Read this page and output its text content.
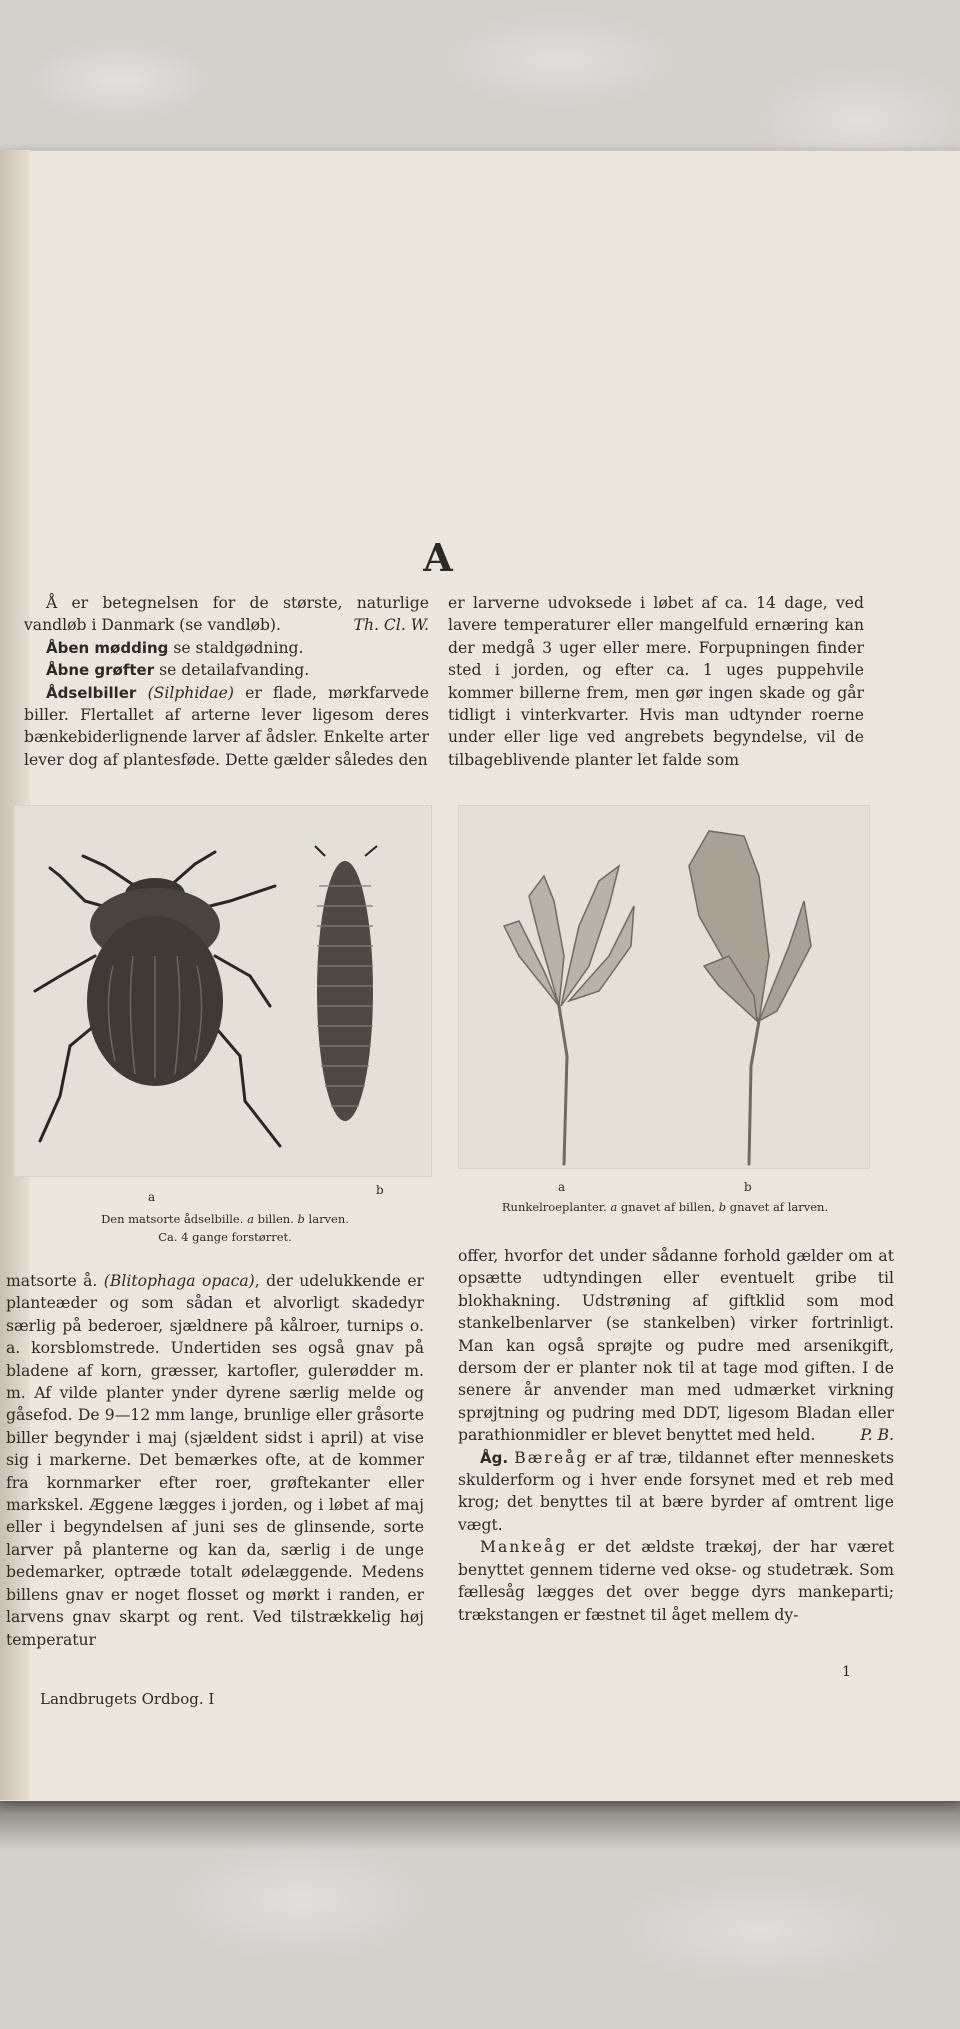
A

Å er betegnelsen for de største, naturlige vandløb i Danmark (se vandløb).	Th. Cl. W.

Åben mødding se staldgødning.

Åbne grøfter se detailafvanding.

Ådselbiller (Silphidae) er flade, mørkfarvede biller. Flertallet af arterne lever ligesom deres bænkebiderlignende larver af ådsler. Enkelte arter lever dog af plantesføde. Dette gælder således den

er larverne udvoksede i løbet af ca. 14 dage, ved lavere temperaturer eller mangelfuld ernæring kan der medgå 3 uger eller mere. Forpupningen finder sted i jorden, og efter ca. 1 uges puppehvile kommer billerne frem, men gør ingen skade og går tidligt i vinterkvarter. Hvis man udtynder roerne under eller lige ved angrebets begyndelse, vil de tilbageblivende planter let falde som

a	b

Den matsorte ådselbille. a billen. b larven.
Ca. 4 gange forstørret.

a	b

Runkelroeplanter. a gnavet af billen, b gnavet af larven.

matsorte å. (Blitophaga opaca), der udelukkende er planteæder og som sådan et alvorligt skadedyr særlig på bederoer, sjældnere på kålroer, turnips o. a. korsblomstrede. Undertiden ses også gnav på bladene af korn, græsser, kartofler, gulerødder m. m. Af vilde planter ynder dyrene særlig melde og gåsefod. De 9—12 mm lange, brunlige eller gråsorte biller begynder i maj (sjældent sidst i april) at vise sig i markerne. Det bemærkes ofte, at de kommer fra kornmarker efter roer, grøftekanter eller markskel. Æggene lægges i jorden, og i løbet af maj eller i begyndelsen af juni ses de glinsende, sorte larver på planterne og kan da, særlig i de unge bedemarker, optræde totalt ødelæggende. Medens billens gnav er noget flosset og mørkt i randen, er larvens gnav skarpt og rent. Ved tilstrækkelig høj temperatur

offer, hvorfor det under sådanne forhold gælder om at opsætte udtyndingen eller eventuelt gribe til blokhakning. Udstrøning af giftklid som mod stankelbenlarver (se stankelben) virker fortrinligt. Man kan også sprøjte og pudre med arsenikgift, dersom der er planter nok til at tage mod giften. I de senere år anvender man med udmærket virkning sprøjtning og pudring med DDT, ligesom Bladan eller parathionmidler er blevet benyttet med held.	P. B.

Åg. Bæreåg er af træ, tildannet efter menneskets skulderform og i hver ende forsynet med et reb med krog; det benyttes til at bære byrder af omtrent lige vægt.

Mankeåg er det ældste trækøj, der har været benyttet gennem tiderne ved okse- og studetræk. Som fællesåg lægges det over begge dyrs mankeparti; trækstangen er fæstnet til åget mellem dy-

Landbrugets Ordbog. I
1
